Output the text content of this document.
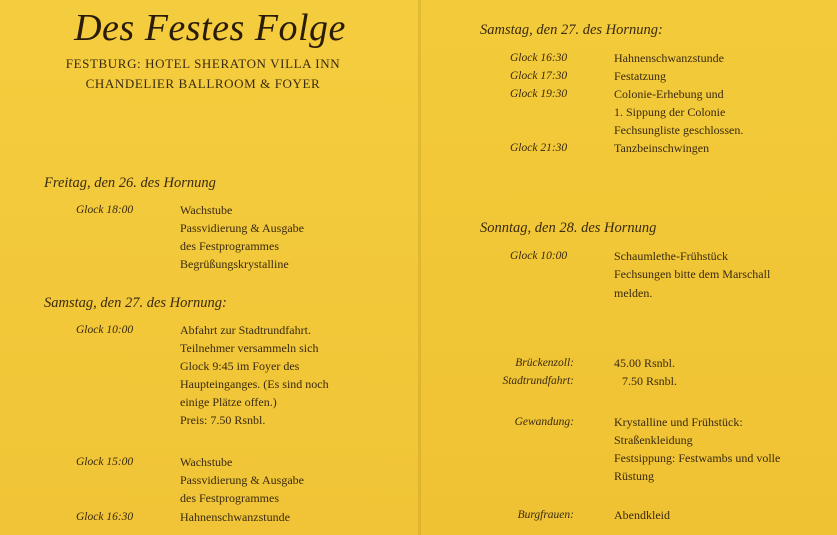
Des Festes Folge
FESTBURG: HOTEL SHERATON VILLA INN
CHANDELIER BALLROOM & FOYER
Freitag, den 26. des Hornung
Glock 18:00	Wachstube
Passvidierung & Ausgabe
des Festprogrammes
Begrüßungskrystalline
Samstag, den 27. des Hornung:
Glock 10:00	Abfahrt zur Stadtrundfahrt.
Teilnehmer versammeln sich
Glock 9:45 im Foyer des
Haupteinganges. (Es sind noch
einige Plätze offen.)
Preis: 7.50 Rsnbl.
Glock 15:00	Wachstube
Passvidierung & Ausgabe
des Festprogrammes
Glock 16:30	Hahnenschwanzstunde
Samstag, den 27. des Hornung:
Glock 16:30	Hahnenschwanzstunde
Glock 17:30	Festatzung
Glock 19:30	Colonie-Erhebung und
1. Sippung der Colonie
Fechsungliste geschlossen.
Glock 21:30	Tanzbeinschwingen
Sonntag, den 28. des Hornung
Glock 10:00	Schaumlethe-Frühstück
Fechsungen bitte dem Marschall
melden.
Brückenzoll:	45.00 Rsnbl.
Stadtrundfahrt:	7.50 Rsnbl.
Gewandung:	Krystalline und Frühstück:
Straßenkleidung
Festsippung: Festwambs und volle
Rüstung
Burgfrauen:	Abendkleid
